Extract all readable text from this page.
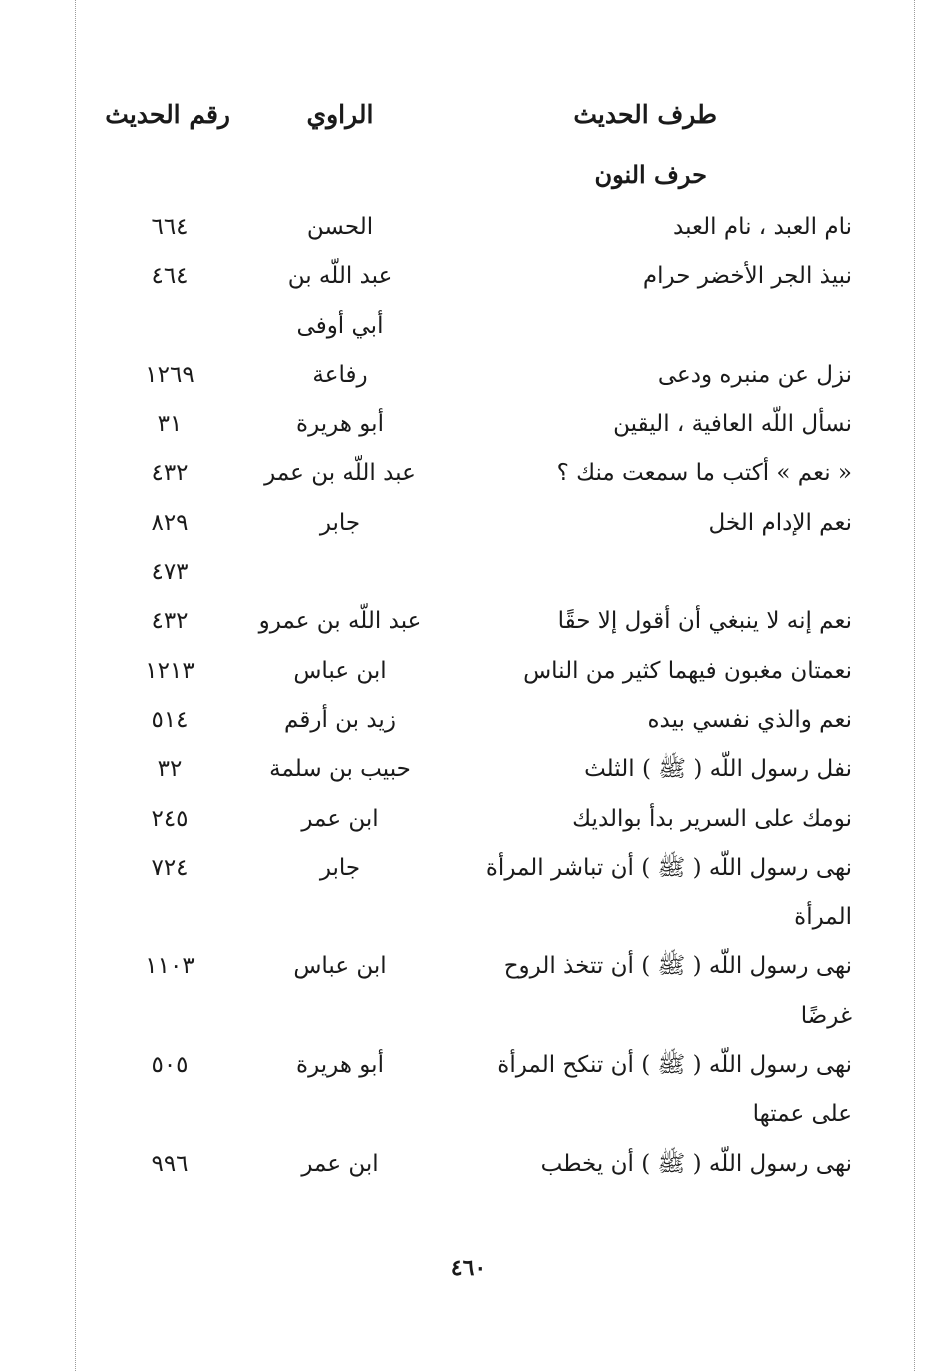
طرف الحديث
الراوي
رقم الحديث
حرف النون
نام العبد ، نام العبد
الحسن
٦٦٤
نبيذ الجر الأخضر حرام
عبد اللّه بن
٤٦٤
أبي أوفى
نزل عن منبره ودعى
رفاعة
١٢٦٩
نسأل اللّه العافية ، اليقين
أبو هريرة
٣١
« نعم » أكتب ما سمعت منك ؟
عبد اللّه بن عمر
٤٣٢
نعم الإدام الخل
جابر
٨٢٩
٤٧٣
نعم إنه لا ينبغي أن أقول إلا حقًا
عبد اللّه بن عمرو
٤٣٢
نعمتان مغبون فيهما كثير من الناس
ابن عباس
١٢١٣
نعم والذي نفسي بيده
زيد بن أرقم
٥١٤
نفل رسول اللّه ( ﷺ ) الثلث
حبيب بن سلمة
٣٢
نومك على السرير بدأ بوالديك
ابن عمر
٢٤٥
نهى رسول اللّه ( ﷺ ) أن تباشر المرأة
جابر
٧٢٤
المرأة
نهى رسول اللّه ( ﷺ ) أن تتخذ الروح
ابن عباس
١١٠٣
غرضًا
نهى رسول اللّه ( ﷺ ) أن تنكح المرأة
أبو هريرة
٥٠٥
على عمتها
نهى رسول اللّه ( ﷺ ) أن يخطب
ابن عمر
٩٩٦
٤٦٠
